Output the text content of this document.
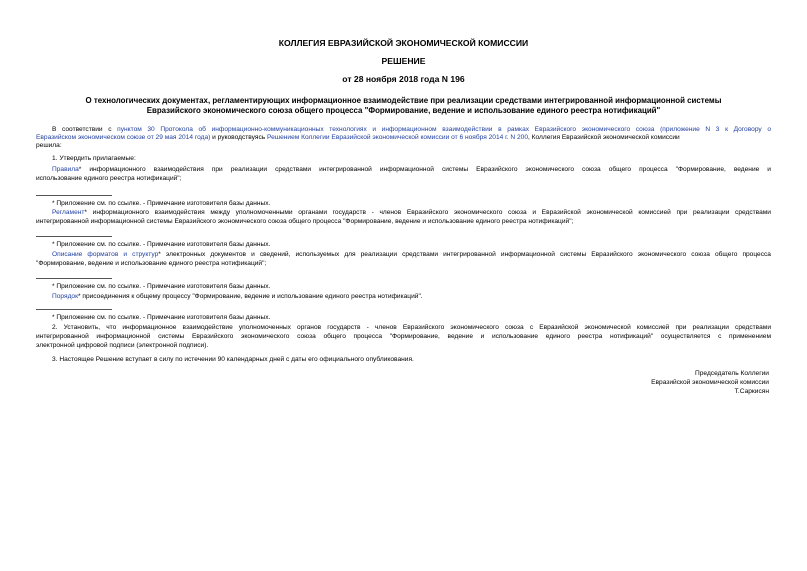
КОЛЛЕГИЯ ЕВРАЗИЙСКОЙ ЭКОНОМИЧЕСКОЙ КОМИССИИ
РЕШЕНИЕ
от 28 ноября 2018 года N 196
О технологических документах, регламентирующих информационное взаимодействие при реализации средствами интегрированной информационной системы
Евразийского экономического союза общего процесса "Формирование, ведение и использование единого реестра нотификаций"
В соответствии с пунктом 30 Протокола об информационно-коммуникационных технологиях и информационном взаимодействии в рамках Евразийского экономического союза (приложение N 3 к Договору о
Евразийском экономическом союзе от 29 мая 2014 года) и руководствуясь Решением Коллегии Евразийской экономической комиссии от 6 ноября 2014 г. N 200, Коллегия Евразийской экономической комиссии
решила:
1. Утвердить прилагаемые:
Правила* информационного взаимодействия при реализации средствами интегрированной информационной системы Евразийского экономического союза общего процесса "Формирование, ведение и
использование единого реестра нотификаций";
* Приложение см. по ссылке. - Примечание изготовителя базы данных.
Регламент* информационного взаимодействия между уполномоченными органами государств - членов Евразийского экономического союза и Евразийской экономической комиссией при реализации средствами
интегрированной информационной системы Евразийского экономического союза общего процесса "Формирование, ведение и использование единого реестра нотификаций";
* Приложение см. по ссылке. - Примечание изготовителя базы данных.
Описание форматов и структур* электронных документов и сведений, используемых для реализации средствами интегрированной информационной системы Евразийского экономического союза общего процесса
"Формирование, ведение и использование единого реестра нотификаций";
* Приложение см. по ссылке. - Примечание изготовителя базы данных.
Порядок* присоединения к общему процессу "Формирование, ведение и использование единого реестра нотификаций".
* Приложение см. по ссылке. - Примечание изготовителя базы данных.
2. Установить, что информационное взаимодействие уполномоченных органов государств - членов Евразийского экономического союза с Евразийской экономической комиссией при реализации средствами
интегрированной информационной системы Евразийского экономического союза общего процесса "Формирование, ведение и использование единого реестра нотификаций" осуществляется с применением
электронной цифровой подписи (электронной подписи).
3. Настоящее Решение вступает в силу по истечении 90 календарных дней с даты его официального опубликования.
Председатель Коллегии
Евразийской экономической комиссии
Т.Саркисян
